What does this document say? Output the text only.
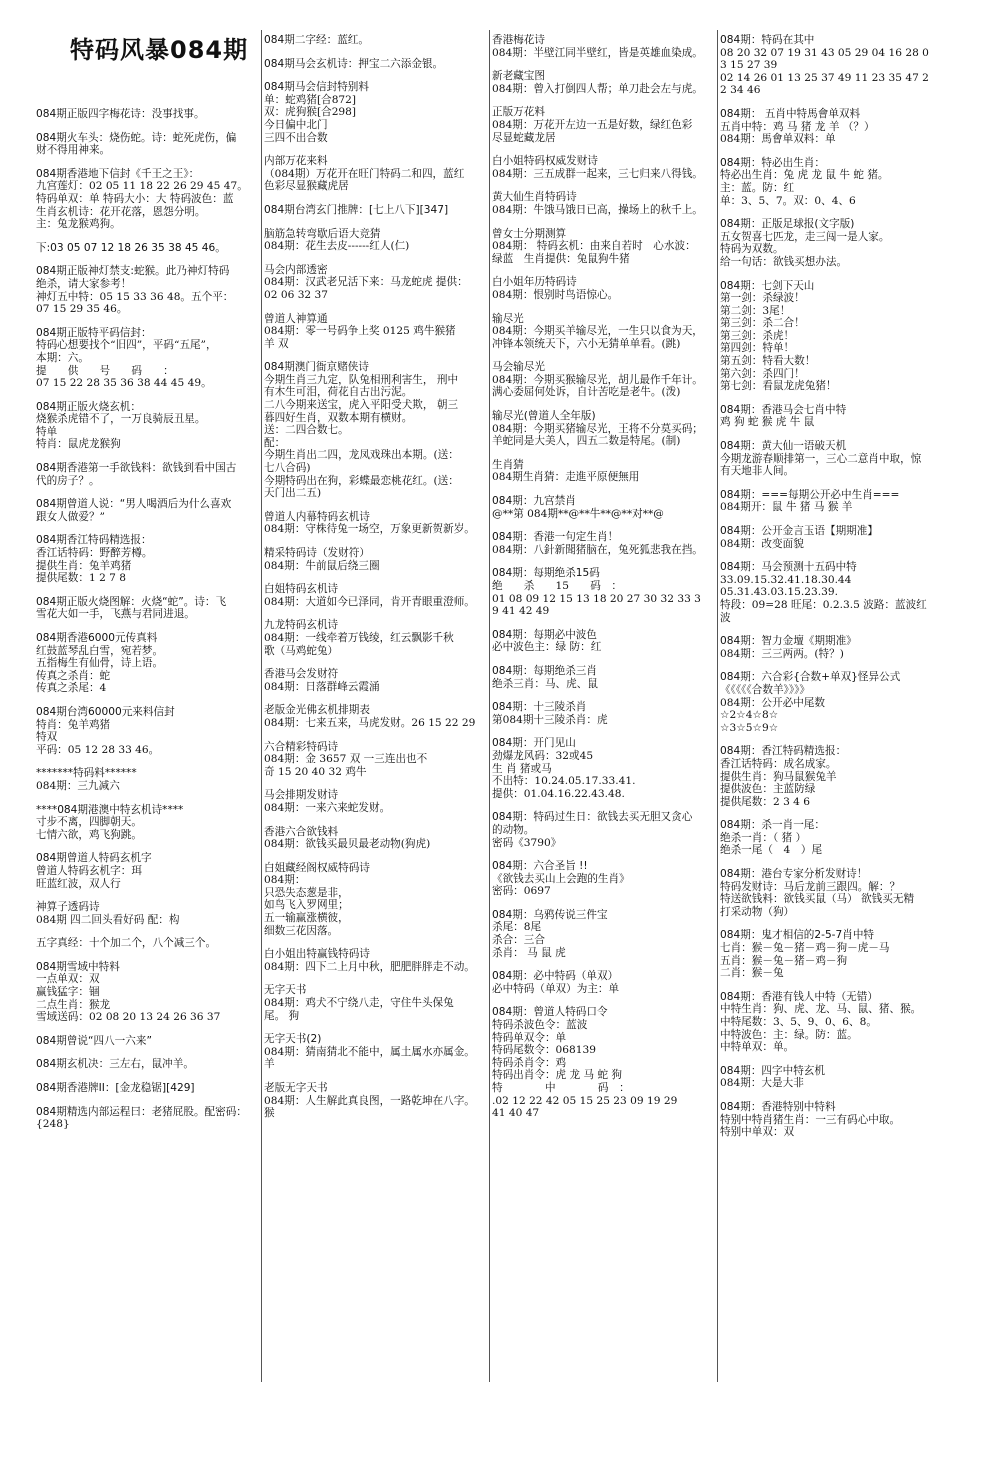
特码风暴084期
084期正版四字梅花诗：没事找事。
084期火车头：烧伤蛇。诗：蛇死虎伤，偏
财不得用神来。
084期香港地下信封《千王之王》：
九宫莲灯：02 05 11 18 22 26 29 45 47。
特码单双：单 特码大小：大 特码波色：蓝
生肖玄机诗：花开花落，恩怨分明。
主：兔龙猴鸡狗。
下:03 05 07 12 18 26 35 38 45 46。
084期正版神灯禁支:蛇猴。此乃神灯特码
绝杀，请大家参考！
神灯五中特：05 15 33 36 48。五个平：
07 15 29 35 46。
084期正版特平码信封：
特码心想要找个“旧四”，平码“五尾”，
本期：六。
提　　供　　号　　码　　：
07 15 22 28 35 36 38 44 45 49。
084期正版火烧玄机：
烧猴杀虎错不了，一万良骑辰丑星。
特单
特肖：鼠虎龙猴狗
084期香港第一手欲钱料：欲钱到看中国古
代的房子？。
084期曾道人说：“男人喝酒后为什么喜欢
跟女人做爱？”
084期香江特码精选报：
香江话特码：野醉芳樽。
提供生肖：兔羊鸡猪
提供尾数：1 2 7 8
084期正版火烧图解：火烧“蛇”。诗：飞
雪花大如一手，飞燕与君同进退。
084期香港6000元传真料
红鼓蓝琴乱白雪，宛若梦。
五指梅生有仙骨，诗上语。
传真之杀肖：蛇
传真之杀尾：4
084期台湾60000元来料信封
特肖：兔羊鸡猪
特双
平码：05 12 28 33 46。
*******特码料******
084期：三九减六
****084期港澳中特玄机诗****
寸步不离，四脚朝天。
七情六欲，鸡飞狗跳。
084期曾道人特码玄机字
曾道人特码玄机字：珥
旺蓝红波，双人行
神算子透码诗
084期 四二回头看好码 配：构
五字真经：十个加二个，八个减三个。
084期雪域中特料
一点单双：双
赢钱猛字：锢
二点生肖：猴龙
雪域送码：02 08 20 13 24 26 36 37
084期曾说“四八一六来”
084期玄机决：三左右，鼠冲羊。
084期香港牌II：[金龙稳锯][429]
084期精选内部运程曰：老猪屁股。配密码：
{248}
084期二字经：蓝红。
084期马会玄机诗：押宝二六添金银。
084期马会信封特别料
单：蛇鸡猪[合872]
双：虎狗猴[合298]
今日偏中北门
三四不出合数
内部万花来料
（084期）万花开在旺门特码二和四，蓝红
色彩尽显猴藏虎居
084期台湾玄门推牌：[七上八下][347]
脑筋急转弯歇后语大竞猜
084期：花生去皮------红人(仁)
马会内部透密
084期：汉武老兄活下来：马龙蛇虎 提供：
02 06 32 37
曾道人神算通
084期：零一号码争上奖 0125 鸡牛猴猪
羊 双
084期澳门衙京赌侠诗
今期生肖三九定，队兔相刑利害生， 刑中
有木生可泪，荷花自古出污泥。
二八今期来送宝，虎入平阳受犬欺， 朝三
暮四好生肖，双数本期有横财。
送：二四合数七。
配：
今期生肖出二四，龙凤戏珠出本期。(送：
七八合码)
今期特码出在狗，彩蝶最恋桃花红。(送：
天门出二五)
曾道人内幕特码玄机诗
084期：守株待兔一场空，万象更新贺新岁。
精采特码诗（发财符）
084期：牛前鼠后绕三圈
白姐特码玄机诗
084期：大道如今已泽同，肯开青眼重澄师。
九龙特码玄机诗
084期：一线牵着万钱绫，红云飘影千秋
歌（马鸡蛇兔）
香港马会发财符
084期：日落群峰云霞涌
老版金光佛玄机排期表
084期：七来五来，马虎发财。26 15 22 29
六合精彩特码诗
084期：金 3657 双 一三连出也不
奇 15 20 40 32 鸡牛
马会排期发财诗
084期：一来六来蛇发财。
香港六合欲钱料
084期：欲钱买最贝最老动物(狗虎)
白姐藏经阁权威特码诗
084期：
只恐失态葱是非，
如鸟飞入罗网里；
五一输赢涨横彼，
细数三花因落。
白小姐出特赢钱特码诗
084期：四下二上月中秋，肥肥胖胖走不动。
无字天书
084期：鸡犬不宁绕八走，守住牛头保兔
尾。 狗
无字天书(2)
084期：猜南猜北不能中，属土属水亦属金。
羊
老版无字天书
084期：人生解此真良图，一路乾坤在八字。
猴
香港梅花诗
084期：半壁江同半壁红，皆是英雄血染成。
新老藏宝图
084期：曾入打倒四人帮；单刀赴会左与虎。
正版万花料
084期：万花开左边一五是好数，绿红色彩
尽显蛇藏龙居
白小姐特码权威发财诗
084期：三五成群一起来，三七归来八得钱。
黄大仙生肖特码诗
084期：牛饿马饿日已高，操场上的秋千上。
曾女士分期测算
084期： 特码玄机：由来自若时　心水波：
绿蓝　生肖提供：兔鼠狗牛猪
白小姐年历特码诗
084期：恨别时鸟语惊心。
输尽光
084期：今期买羊输尽光，一生只以食为天，
冲锋本领统天下，六小无猜单单看。(跳)
马会输尽光
084期：今期买猴输尽光，胡儿最作千年计。
满心委屈何处诉，自计苦吃是老牛。(泼)
输尽光(曾道人全年版)
084期：今期买猪输尽光，王将不分莫买码；
羊蛇同是大美人，四五二数是特尾。(制)
生肖猜
084期生肖猜：走進平原便無用
084期：九宫禁肖
@**第 084期**@**牛**@**对**@
084期：香港一句定生肖！
084期：八針新聞猪脑在，兔死狐悲我在挡。
084期：每期绝杀15码
绝　　杀　　15　　码　：
01 08 09 12 15 13 18 20 27 30 32 33 3
9 41 42 49
084期：每期必中波色
必中波色主：绿 防：红
084期：每期绝杀三肖
绝杀三肖：马、虎、鼠
084期：十三陵杀肖
第084期十三陵杀肖：虎
084期：开门见山
劲爆龙风码：32或45
生 肖 猪或马
不出特：10.24.05.17.33.41.
提供：01.04.16.22.43.48.
084期：特码过生日：欲钱去买无胆又贪心
的动物。
密码《3790》
084期：六合圣旨 !!
《欲钱去买山上会跑的生肖》
密码：0697
084期：乌鸦传说三件宝
杀尾：8尾
杀合：三合
杀肖： 马 鼠 虎
084期：必中特码（单双）
必中特码（单双）为主：单
084期：曾道人特码口令
特码杀波色令：蓝波
特码单双令：单
特码尾数令：068139
特码杀肖令：鸡
特码出肖令：虎 龙 马 蛇 狗
特　　　　中　　　　码　：
.02 12 22 42 05 15 25 23 09 19 29
41 40 47
084期：特码在其中
08 20 32 07 19 31 43 05 29 04 16 28 0
3 15 27 39
02 14 26 01 13 25 37 49 11 23 35 47 2
2 34 46
084期： 五肖中特馬會单双料
五肖中特：鸡 马 猪 龙 羊 （？）
084期：馬會单双料：单
084期：特必出生肖：
特必出生肖：兔 虎 龙 鼠 牛 蛇 猪。
主：蓝。防：红
单：3、5、7。双：0、4、6
084期：正版足球报(文字版)
五女贺喜七匹龙，走三闯一是人家。
特码为双数。
给一句话：欲钱买想办法。
084期：七剑下天山
第一剑：杀绿波！
第二剑：3尾！
第三剑：杀二合！
第三剑：杀虎！
第四剑：特单！
第五剑：特看大数！
第六剑：杀四门！
第七剑：看鼠龙虎兔猪！
084期：香港马会七肖中特
鸡 狗 蛇 猴 虎 牛 鼠
084期：黄大仙一语破天机
今期龙游春顺排第一，三心二意肖中取，惊
有天地非人间。
084期：===每期公开必中生肖===
084期开：鼠 牛 猪 马 猴 羊
084期：公开金言玉语【期期准】
084期：改变面貌
084期：马会预测十五码中特
33.09.15.32.41.18.30.44
05.31.43.03.15.23.39.
特段：09=28 旺尾：0.2.3.5 波路：蓝波红
波
084期：智力金壇《期期准》
084期：三三两两。(特？)
084期：六合彩{合数+单双}怪异公式
《《《《《合数羊》》》》
084期：公开必中尾数
☆2☆4☆8☆
☆3☆5☆9☆
084期：香江特码精选报：
香江话特码：成名成家。
提供生肖：狗马鼠猴兔羊
提供波色：主蓝防绿
提供尾数：2 3 4 6
084期：杀一肖一尾：
绝杀一肖：（ 猪 ）
绝杀一尾（　4　）尾
084期：港台专家分析发财诗！
特码发财诗：马后龙前三跟四。解：？
特送欲钱料：欲钱买鼠（马） 欲钱买无精
打采动物（狗）
084期：鬼才相信的2-5-7肖中特
七肖：猴－兔－猪－鸡－狗－虎－马
五肖：猴－兔－猪－鸡－狗
二肖：猴－兔
084期：香港有钱人中特（无错）
中特生肖：狗、虎、龙、马、鼠、猪、猴。
中特尾数：3、5、9、0、6、8。
中特波色：主：绿。防：蓝。
中特单双：单。
084期：四字中特玄机
084期：大是大非
084期：香港特别中特料
特别中特肖猪生肖：一三有码心中取。
特别中单双：双
